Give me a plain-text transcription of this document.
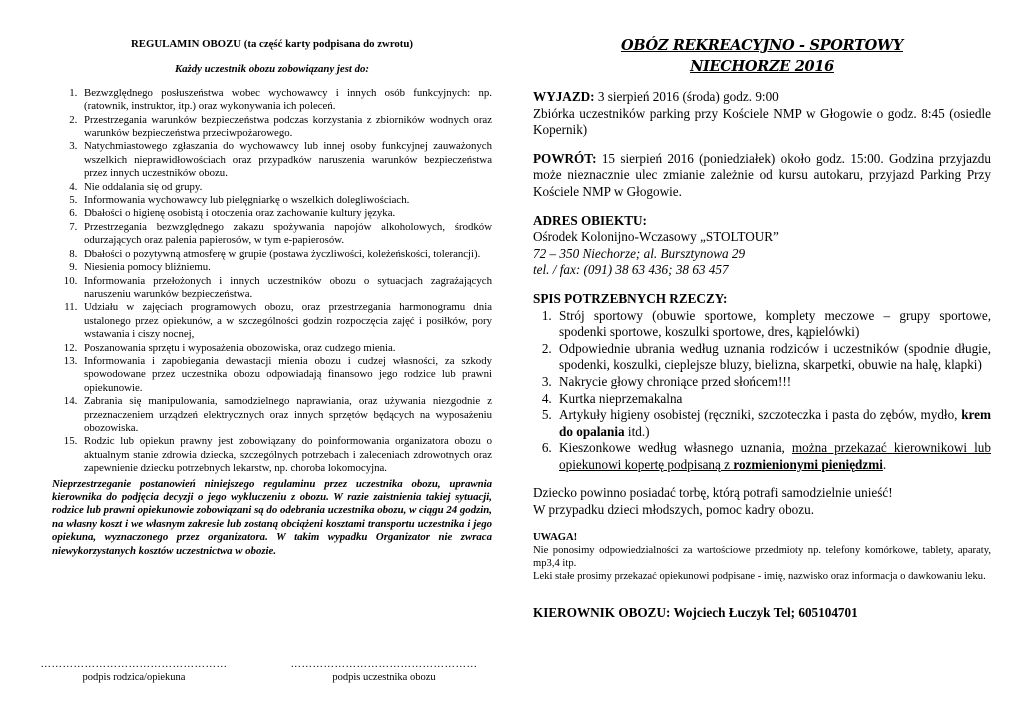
REGULAMIN OBOZU (ta część karty podpisana do zwrotu)
Każdy uczestnik obozu zobowiązany jest do:
1. Bezwzględnego posłuszeństwa wobec wychowawcy i innych osób funkcyjnych: np. (ratownik, instruktor, itp.) oraz wykonywania ich poleceń.
2. Przestrzegania warunków bezpieczeństwa podczas korzystania z zbiorników wodnych oraz warunków bezpieczeństwa przeciwpożarowego.
3. Natychmiastowego zgłaszania do wychowawcy lub innej osoby funkcyjnej zauważonych wszelkich nieprawidłowościach oraz przypadków naruszenia warunków bezpieczeństwa przez innych uczestników obozu.
4. Nie oddalania się od grupy.
5. Informowania wychowawcy lub pielęgniarkę o wszelkich dolegliwościach.
6. Dbałości o higienę osobistą i otoczenia oraz zachowanie kultury języka.
7. Przestrzegania bezwzględnego zakazu spożywania napojów alkoholowych, środków odurzających oraz palenia papierosów, w tym e-papierosów.
8. Dbałości o pozytywną atmosferę w grupie (postawa życzliwości, koleżeńskości, tolerancji).
9. Niesienia pomocy bliźniemu.
10. Informowania przełożonych i innych uczestników obozu o sytuacjach zagrażających naruszeniu warunków bezpieczeństwa.
11. Udziału w zajęciach programowych obozu, oraz przestrzegania harmonogramu dnia ustalonego przez opiekunów, a w szczególności godzin rozpoczęcia zajęć i posiłków, pory wstawania i ciszy nocnej,
12. Poszanowania sprzętu i wyposażenia obozowiska, oraz cudzego mienia.
13. Informowania i zapobiegania dewastacji mienia obozu i cudzej własności, za szkody spowodowane przez uczestnika obozu odpowiadają finansowo jego rodzice lub prawni opiekunowie.
14. Zabrania się manipulowania, samodzielnego naprawiania, oraz używania niezgodnie z przeznaczeniem urządzeń elektrycznych oraz innych sprzętów będących na wyposażeniu obozowiska.
15. Rodzic lub opiekun prawny jest zobowiązany do poinformowania organizatora obozu o aktualnym stanie zdrowia dziecka, szczególnych potrzebach i zaleceniach zdrowotnych oraz zapewnienie dziecku potrzebnych lekarstw, np. choroba lokomocyjna.
Nieprzestrzeganie postanowień niniejszego regulaminu przez uczestnika obozu, uprawnia kierownika do podjęcia decyzji o jego wykluczeniu z obozu. W razie zaistnienia takiej sytuacji, rodzice lub prawni opiekunowie zobowiązani są do odebrania uczestnika obozu, w ciągu 24 godzin, na własny koszt i we własnym zakresie lub zostaną obciążeni kosztami transportu uczestnika i jego opiekuna, wyznaczonego przez organizatora. W takim wypadku Organizator nie zwraca niewykorzystanych kosztów uczestnictwa w obozie.
……………………………………………
podpis rodzica/opiekuna
……………………………………………
podpis uczestnika obozu
OBÓZ REKREACYJNO - SPORTOWY
NIECHORZE 2016

WYJAZD: 3 sierpień 2016 (środa) godz. 9:00

Zbiórka uczestników parking przy Kościele NMP w Głogowie o godz. 8:45 (osiedle Kopernik)

POWRÓT: 15 sierpień 2016 (poniedziałek) około godz. 15:00. Godzina przyjazdu może nieznacznie ulec zmianie zależnie od kursu autokaru, przyjazd Parking Przy Kościele NMP w Głogowie.

ADRES OBIEKTU:

Ośrodek Kolonijno-Wczasowy „STOLTOUR”

72 – 350 Niechorze; al. Bursztynowa 29

tel. / fax: (091) 38 63 436; 38 63 457

SPIS POTRZEBNYCH RZECZY:

1. Strój sportowy (obuwie sportowe, komplety meczowe – grupy sportowe, spodenki sportowe, koszulki sportowe, dres, kąpielówki)
2. Odpowiednie ubrania według uznania rodziców i uczestników (spodnie długie, spodenki, koszulki, cieplejsze bluzy, bielizna, skarpetki, obuwie na halę, klapki)
3. Nakrycie głowy chroniące przed słońcem!!!
4. Kurtka nieprzemakalna
5. Artykuły higieny osobistej (ręczniki, szczoteczka i pasta do zębów, mydło, krem do opalania itd.)
6. Kieszonkowe według własnego uznania, można przekazać kierownikowi lub opiekunowi kopertę podpisaną z rozmienionymi pieniędzmi.

Dziecko powinno posiadać torbę, którą potrafi samodzielnie unieść!

W przypadku dzieci młodszych, pomoc kadry obozu.

UWAGA!

Nie ponosimy odpowiedzialności za wartościowe przedmioty np. telefony komórkowe, tablety, aparaty, mp3,4 itp.

Leki stałe prosimy przekazać opiekunowi podpisane - imię, nazwisko oraz informacja o dawkowaniu leku.

KIEROWNIK OBOZU: Wojciech Łuczyk Tel; 605104701
